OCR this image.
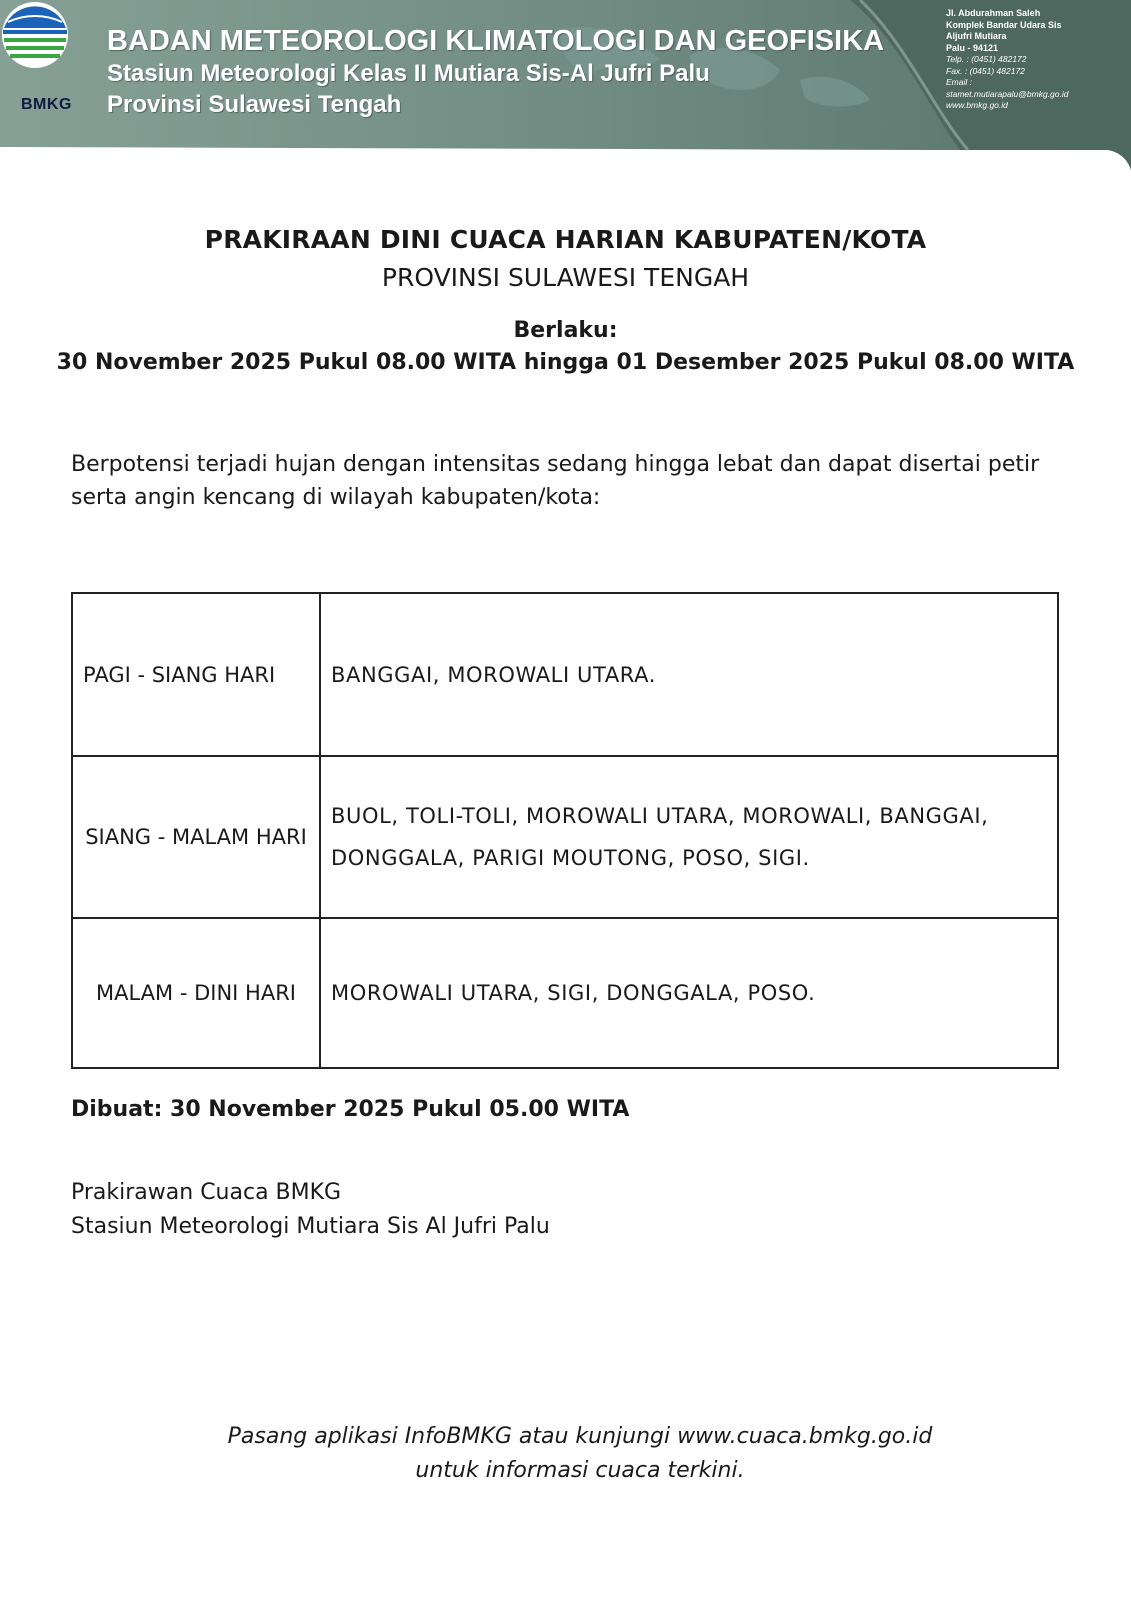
BMKG
BADAN METEOROLOGI KLIMATOLOGI DAN GEOFISIKA
Stasiun Meteorologi Kelas II Mutiara Sis-Al Jufri Palu
Provinsi Sulawesi Tengah
Jl. Abdurahman Saleh
Komplek Bandar Udara Sis
Aljufri Mutiara
Palu - 94121
Telp. : (0451) 482172
Fax. : (0451) 482172
Email :
stamet.mutiarapalu@bmkg.go.id
www.bmkg.go.id
PRAKIRAAN DINI CUACA HARIAN KABUPATEN/KOTA
PROVINSI SULAWESI TENGAH
Berlaku:
30 November 2025 Pukul 08.00 WITA hingga 01 Desember 2025 Pukul 08.00 WITA
Berpotensi terjadi hujan dengan intensitas sedang hingga lebat dan dapat disertai petir serta angin kencang di wilayah kabupaten/kota:
PAGI - SIANG HARI	BANGGAI, MOROWALI UTARA.
SIANG - MALAM HARI	BUOL, TOLI-TOLI, MOROWALI UTARA, MOROWALI, BANGGAI, DONGGALA, PARIGI MOUTONG, POSO, SIGI.
MALAM - DINI HARI	MOROWALI UTARA, SIGI, DONGGALA, POSO.
Dibuat: 30 November 2025 Pukul 05.00 WITA
Prakirawan Cuaca BMKG
Stasiun Meteorologi Mutiara Sis Al Jufri Palu
Pasang aplikasi InfoBMKG atau kunjungi www.cuaca.bmkg.go.id
untuk informasi cuaca terkini.
